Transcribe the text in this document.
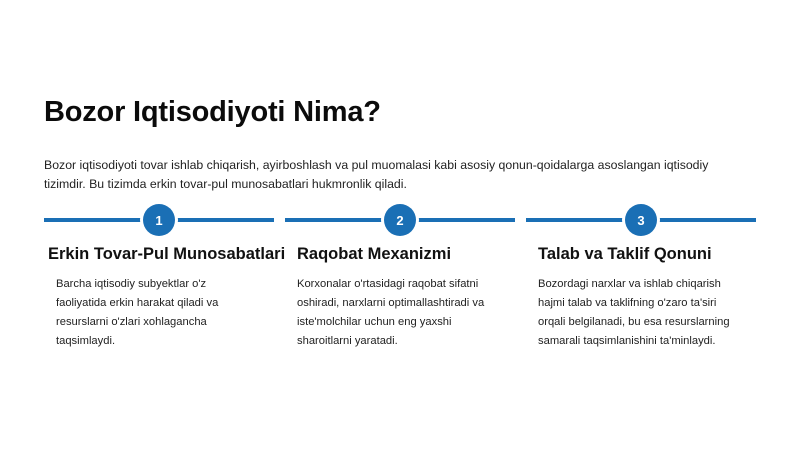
Bozor Iqtisodiyoti Nima?

Bozor iqtisodiyoti tovar ishlab chiqarish, ayirboshlash va pul muomalasi kabi asosiy qonun-qoidalarga asoslangan iqtisodiy tizimdir. Bu tizimda erkin tovar-pul munosabatlari hukmronlik qiladi.

1
Erkin Tovar-Pul Munosabatlari
Barcha iqtisodiy subyektlar o'z faoliyatida erkin harakat qiladi va resurslarni o'zlari xohlagancha taqsimlaydi.
2
Raqobat Mexanizmi
Korxonalar o'rtasidagi raqobat sifatni oshiradi, narxlarni optimallashtiradi va iste'molchilar uchun eng yaxshi sharoitlarni yaratadi.
3
Talab va Taklif Qonuni
Bozordagi narxlar va ishlab chiqarish hajmi talab va taklifning o'zaro ta'siri orqali belgilanadi, bu esa resurslarning samarali taqsimlanishini ta'minlaydi.
